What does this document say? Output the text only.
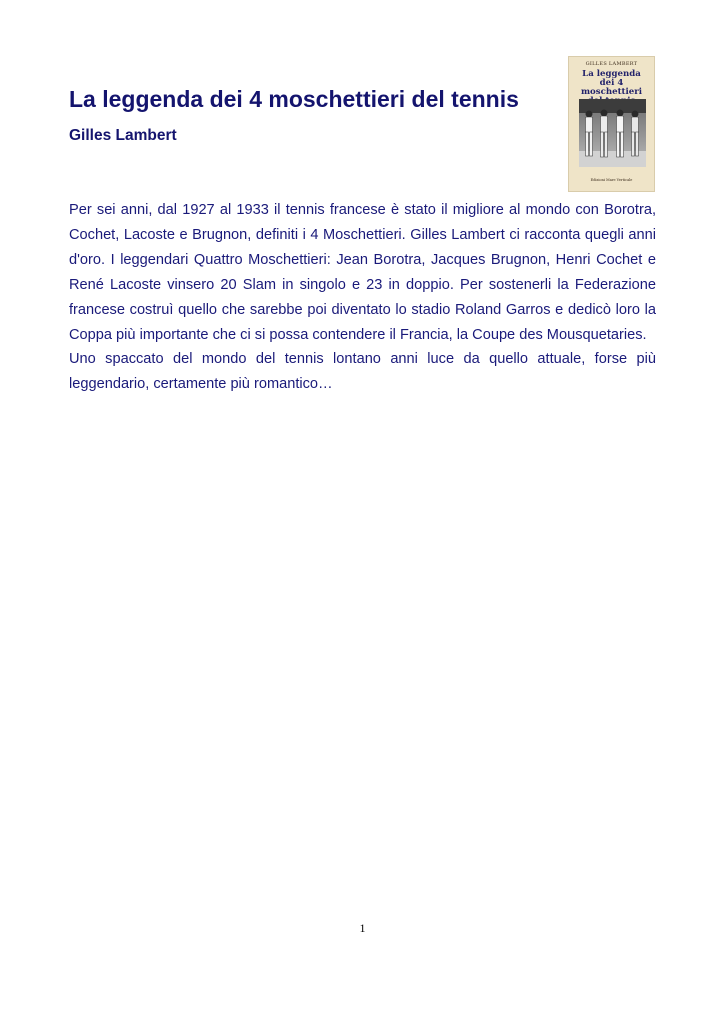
La leggenda dei 4 moschettieri del tennis
Gilles Lambert

Per sei anni, dal 1927 al 1933 il tennis francese è stato il migliore al mondo con Borotra, Cochet, Lacoste e Brugnon, definiti i 4 Moschettieri. Gilles Lambert ci racconta quegli anni d'oro. I leggendari Quattro Moschettieri: Jean Borotra, Jacques Brugnon, Henri Cochet e René Lacoste vinsero 20 Slam in singolo e 23 in doppio. Per sostenerli la Federazione francese costruì quello che sarebbe poi diventato lo stadio Roland Garros e dedicò loro la Coppa più importante che ci si possa contendere il Francia, la Coupe des Mousquetaries.

Uno spaccato del mondo del tennis lontano anni luce da quello attuale, forse più leggendario, certamente più romantico…

GILLES LAMBERT
La leggenda
dei 4 moschettieri
Edizioni Mare Verticale
1
